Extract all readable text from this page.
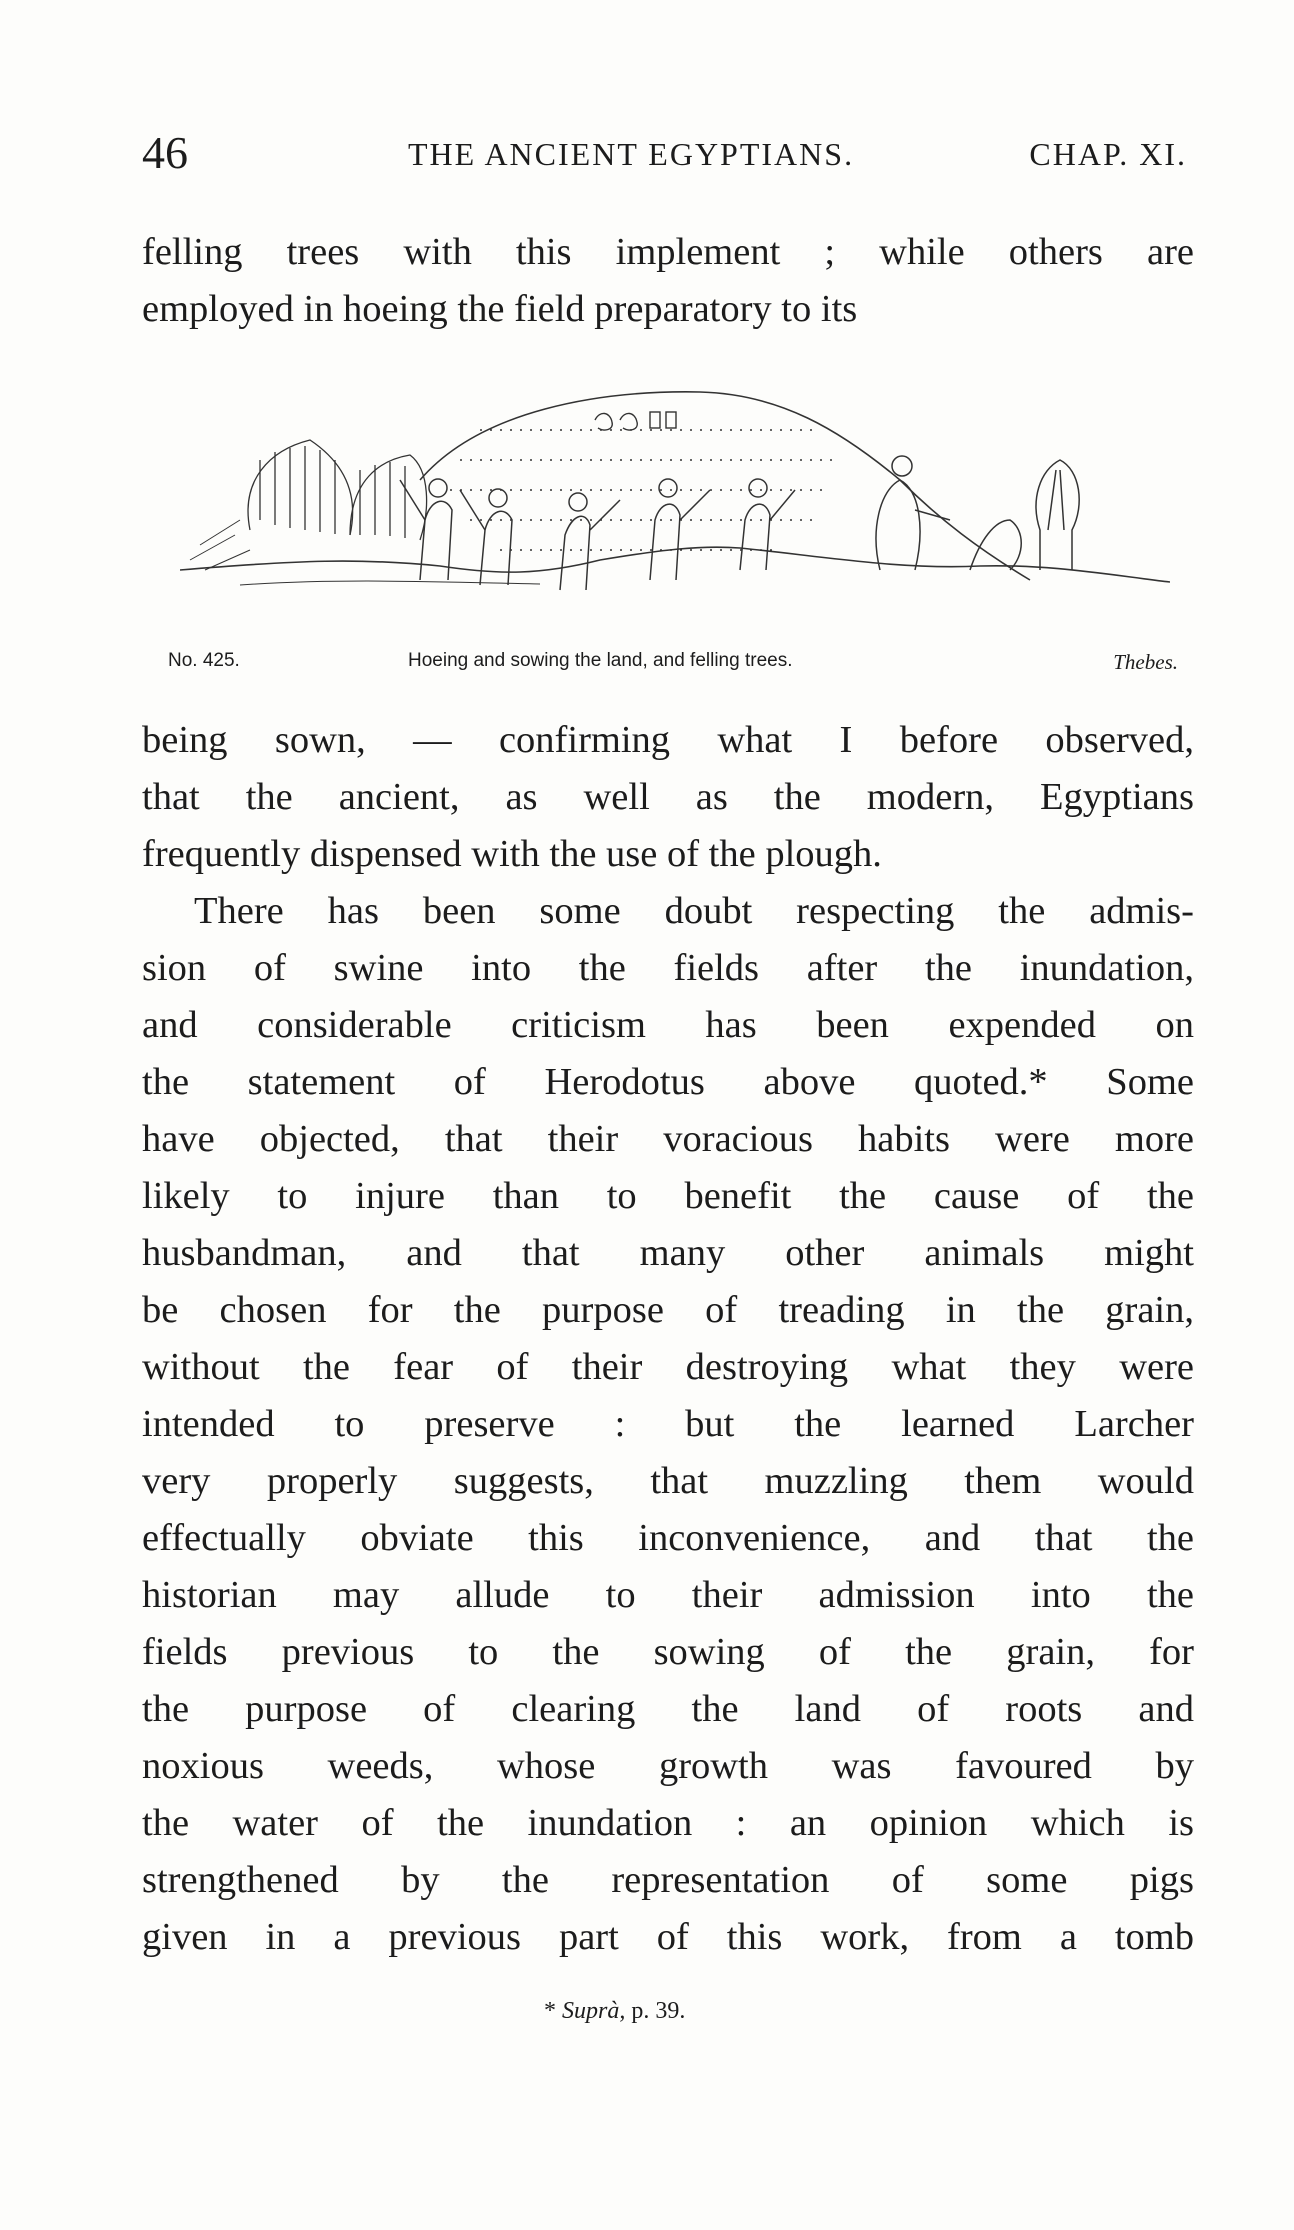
46	THE ANCIENT EGYPTIANS.	CHAP. XI.
felling trees with this implement ; while others are
employed in hoeing the field preparatory to its
No. 425.	Hoeing and sowing the land, and felling trees.	Thebes.
being sown, — confirming what I before observed,
that the ancient, as well as the modern, Egyptians
frequently dispensed with the use of the plough.
There has been some doubt respecting the admis-
sion of swine into the fields after the inundation,
and considerable criticism has been expended on
the statement of Herodotus above quoted.* Some
have objected, that their voracious habits were more
likely to injure than to benefit the cause of the
husbandman, and that many other animals might
be chosen for the purpose of treading in the grain,
without the fear of their destroying what they were
intended to preserve : but the learned Larcher
very properly suggests, that muzzling them would
effectually obviate this inconvenience, and that the
historian may allude to their admission into the
fields previous to the sowing of the grain, for
the purpose of clearing the land of roots and
noxious weeds, whose growth was favoured by
the water of the inundation : an opinion which is
strengthened by the representation of some pigs
given in a previous part of this work, from a tomb
* Suprà, p. 39.
